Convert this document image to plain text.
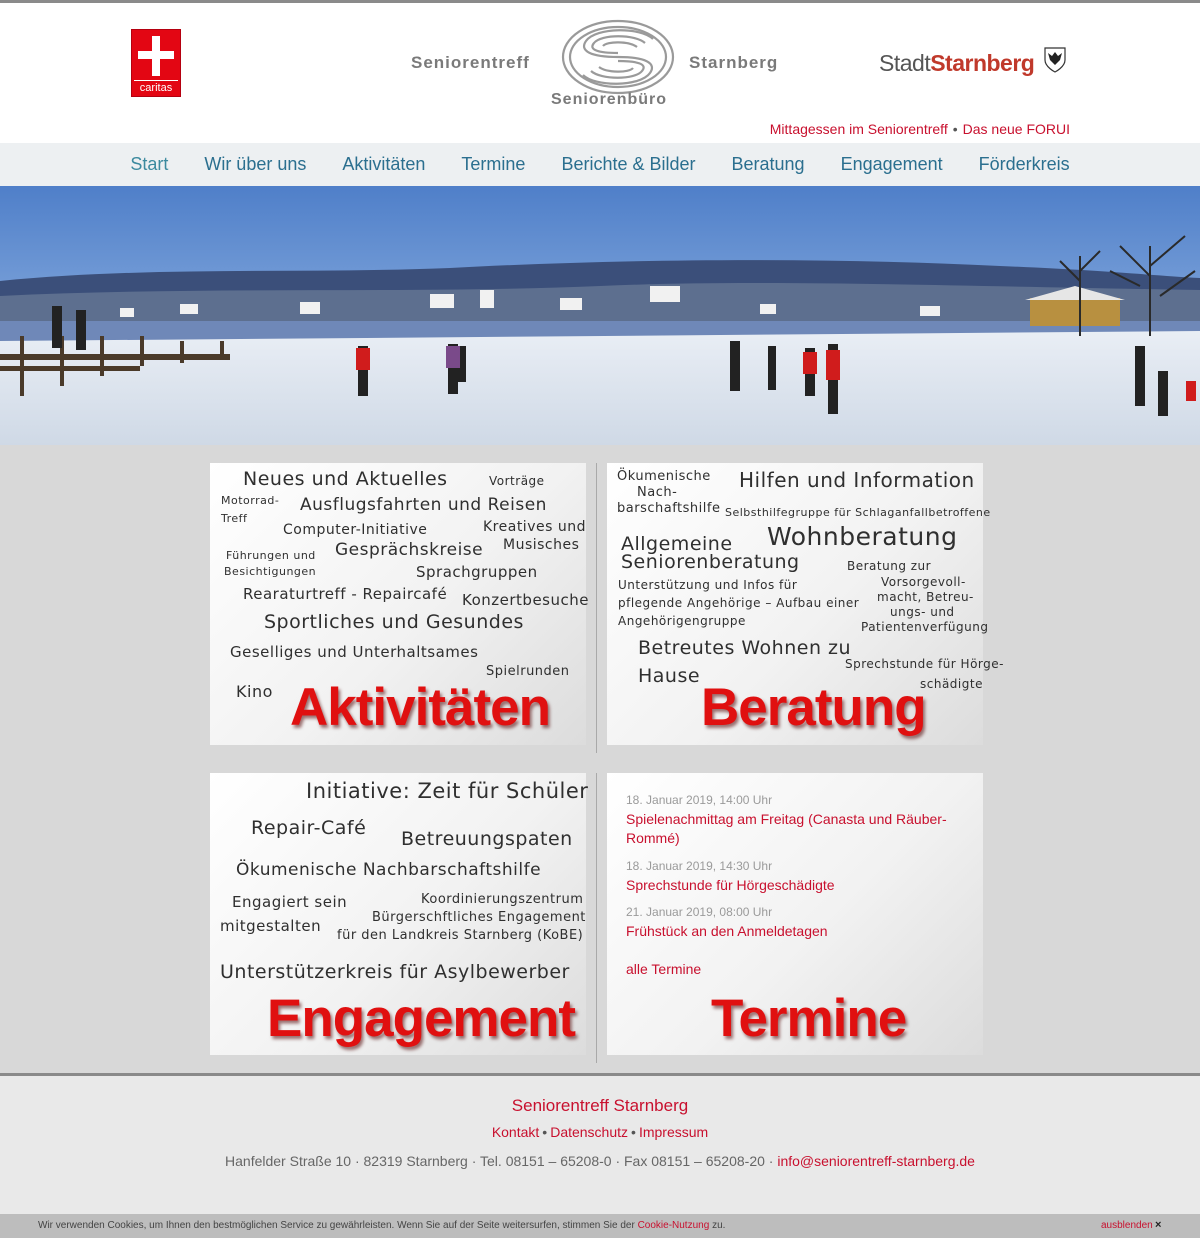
caritas
Seniorentreff	Starnberg
Seniorenbüro
StadtStarnberg
Mittagessen im Seniorentreff • Das neue FORUI
Start	Wir über uns	Aktivitäten	Termine	Berichte & Bilder	Beratung	Engagement	Förderkreis
Neues und Aktuelles	Vorträge
Motorrad-
Treff
Ausflugsfahrten und Reisen
Computer-Initiative	Kreatives und
Musisches
Gesprächskreise
Führungen und
Besichtigungen	Sprachgruppen
Rearaturtreff - Repaircafé Konzertbesuche
Sportliches und Gesundes
Geselliges und Unterhaltsames
Spielrunden
Kino Aktivitäten
Ökumenische
Nach-
barschaftshilfe
Hilfen und Information
Selbsthilfegruppe für Schlaganfallbetroffene
Allgemeine
Seniorenberatung
Wohnberatung
Unterstützung und Infos für
pflegende Angehörige – Aufbau einer
Angehörigengruppe
Beratung zur
Vorsorgevoll-
macht, Betreu-
ungs- und
Patientenverfügung
Betreutes Wohnen zu
Hause
Sprechstunde für Hörge-
schädigte
Beratung
Initiative: Zeit für Schüler
Repair-Café Betreuungspaten
Ökumenische Nachbarschaftshilfe
Engagiert sein
mitgestalten
Koordinierungszentrum
Bürgerschftliches Engagement
für den Landkreis Starnberg (KoBE)
Unterstützerkreis für Asylbewerber
Engagement
18. Januar 2019, 14:00 Uhr
Spielenachmittag am Freitag (Canasta und Räuber-Rommé)
18. Januar 2019, 14:30 Uhr
Sprechstunde für Hörgeschädigte
21. Januar 2019, 08:00 Uhr
Frühstück an den Anmeldetagen
alle Termine
Termine
Seniorentreff Starnberg
Kontakt • Datenschutz • Impressum
Hanfelder Straße 10 · 82319 Starnberg · Tel. 08151 – 65208-0 · Fax 08151 – 65208-20 · info@seniorentreff-starnberg.de
Wir verwenden Cookies, um Ihnen den bestmöglichen Service zu gewährleisten. Wenn Sie auf der Seite weitersurfen, stimmen Sie der Cookie-Nutzung zu.	ausblenden ×
